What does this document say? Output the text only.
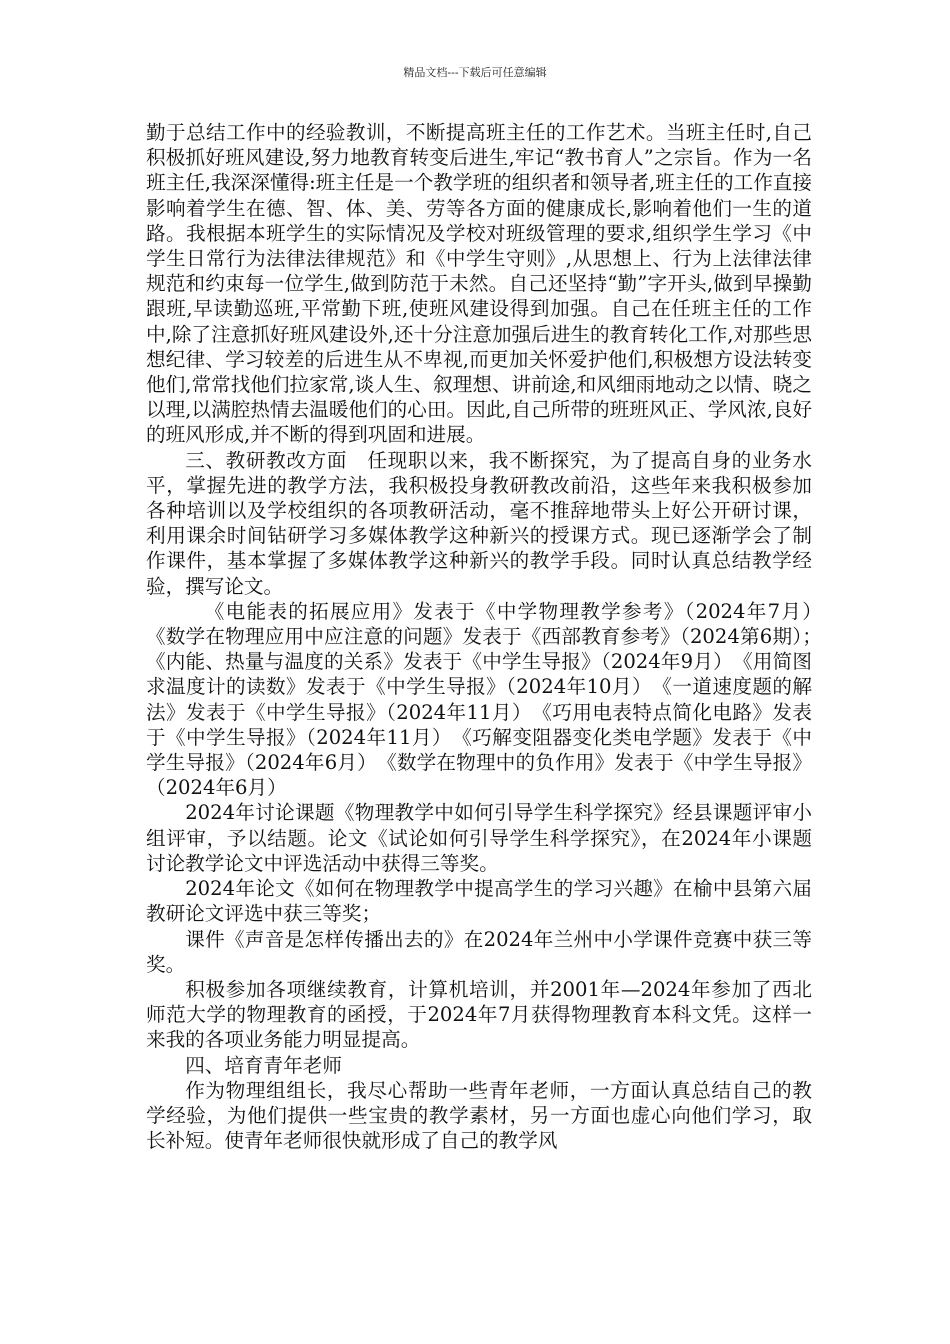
精品文档---下载后可任意编辑

勤于总结工作中的经验教训，不断提高班主任的工作艺术。当班主任时,自己积极抓好班风建设,努力地教育转变后进生,牢记“教书育人”之宗旨。作为一名班主任,我深深懂得:班主任是一个教学班的组织者和领导者,班主任的工作直接影响着学生在德、智、体、美、劳等各方面的健康成长,影响着他们一生的道路。我根据本班学生的实际情况及学校对班级管理的要求,组织学生学习《中学生日常行为法律法律规范》和《中学生守则》,从思想上、行为上法律法律规范和约束每一位学生,做到防范于未然。自己还坚持“勤”字开头,做到早操勤跟班,早读勤巡班,平常勤下班,使班风建设得到加强。自己在任班主任的工作中,除了注意抓好班风建设外,还十分注意加强后进生的教育转化工作,对那些思想纪律、学习较差的后进生从不卑视,而更加关怀爱护他们,积极想方设法转变他们,常常找他们拉家常,谈人生、叙理想、讲前途,和风细雨地动之以情、晓之以理,以满腔热情去温暖他们的心田。因此,自己所带的班班风正、学风浓,良好的班风形成,并不断的得到巩固和进展。

三、教研教改方面　任现职以来，我不断探究，为了提高自身的业务水平，掌握先进的教学方法，我积极投身教研教改前沿，这些年来我积极参加各种培训以及学校组织的各项教研活动，毫不推辞地带头上好公开研讨课，利用课余时间钻研学习多媒体教学这种新兴的授课方式。现已逐渐学会了制作课件，基本掌握了多媒体教学这种新兴的教学手段。同时认真总结教学经验，撰写论文。

《电能表的拓展应用》发表于《中学物理教学参考》（2024年7月）　《数学在物理应用中应注意的问题》发表于《西部教育参考》（2024第6期）；　《内能、热量与温度的关系》发表于《中学生导报》（2024年9月）　《用简图求温度计的读数》发表于《中学生导报》（2024年10月）　《一道速度题的解法》发表于《中学生导报》（2024年11月）　《巧用电表特点简化电路》发表于《中学生导报》（2024年11月）　《巧解变阻器变化类电学题》发表于《中学生导报》（2024年6月）　《数学在物理中的负作用》发表于《中学生导报》（2024年6月）

2024年讨论课题《物理教学中如何引导学生科学探究》经县课题评审小组评审，予以结题。论文《试论如何引导学生科学探究》，在2024年小课题讨论教学论文中评选活动中获得三等奖。

2024年论文《如何在物理教学中提高学生的学习兴趣》在榆中县第六届教研论文评选中获三等奖；

课件《声音是怎样传播出去的》在2024年兰州中小学课件竞赛中获三等奖。

积极参加各项继续教育，计算机培训，并2001年—2024年参加了西北师范大学的物理教育的函授，于2024年7月获得物理教育本科文凭。这样一来我的各项业务能力明显提高。

四、培育青年老师

作为物理组组长，我尽心帮助一些青年老师，一方面认真总结自己的教学经验，为他们提供一些宝贵的教学素材，另一方面也虚心向他们学习，取长补短。使青年老师很快就形成了自己的教学风
